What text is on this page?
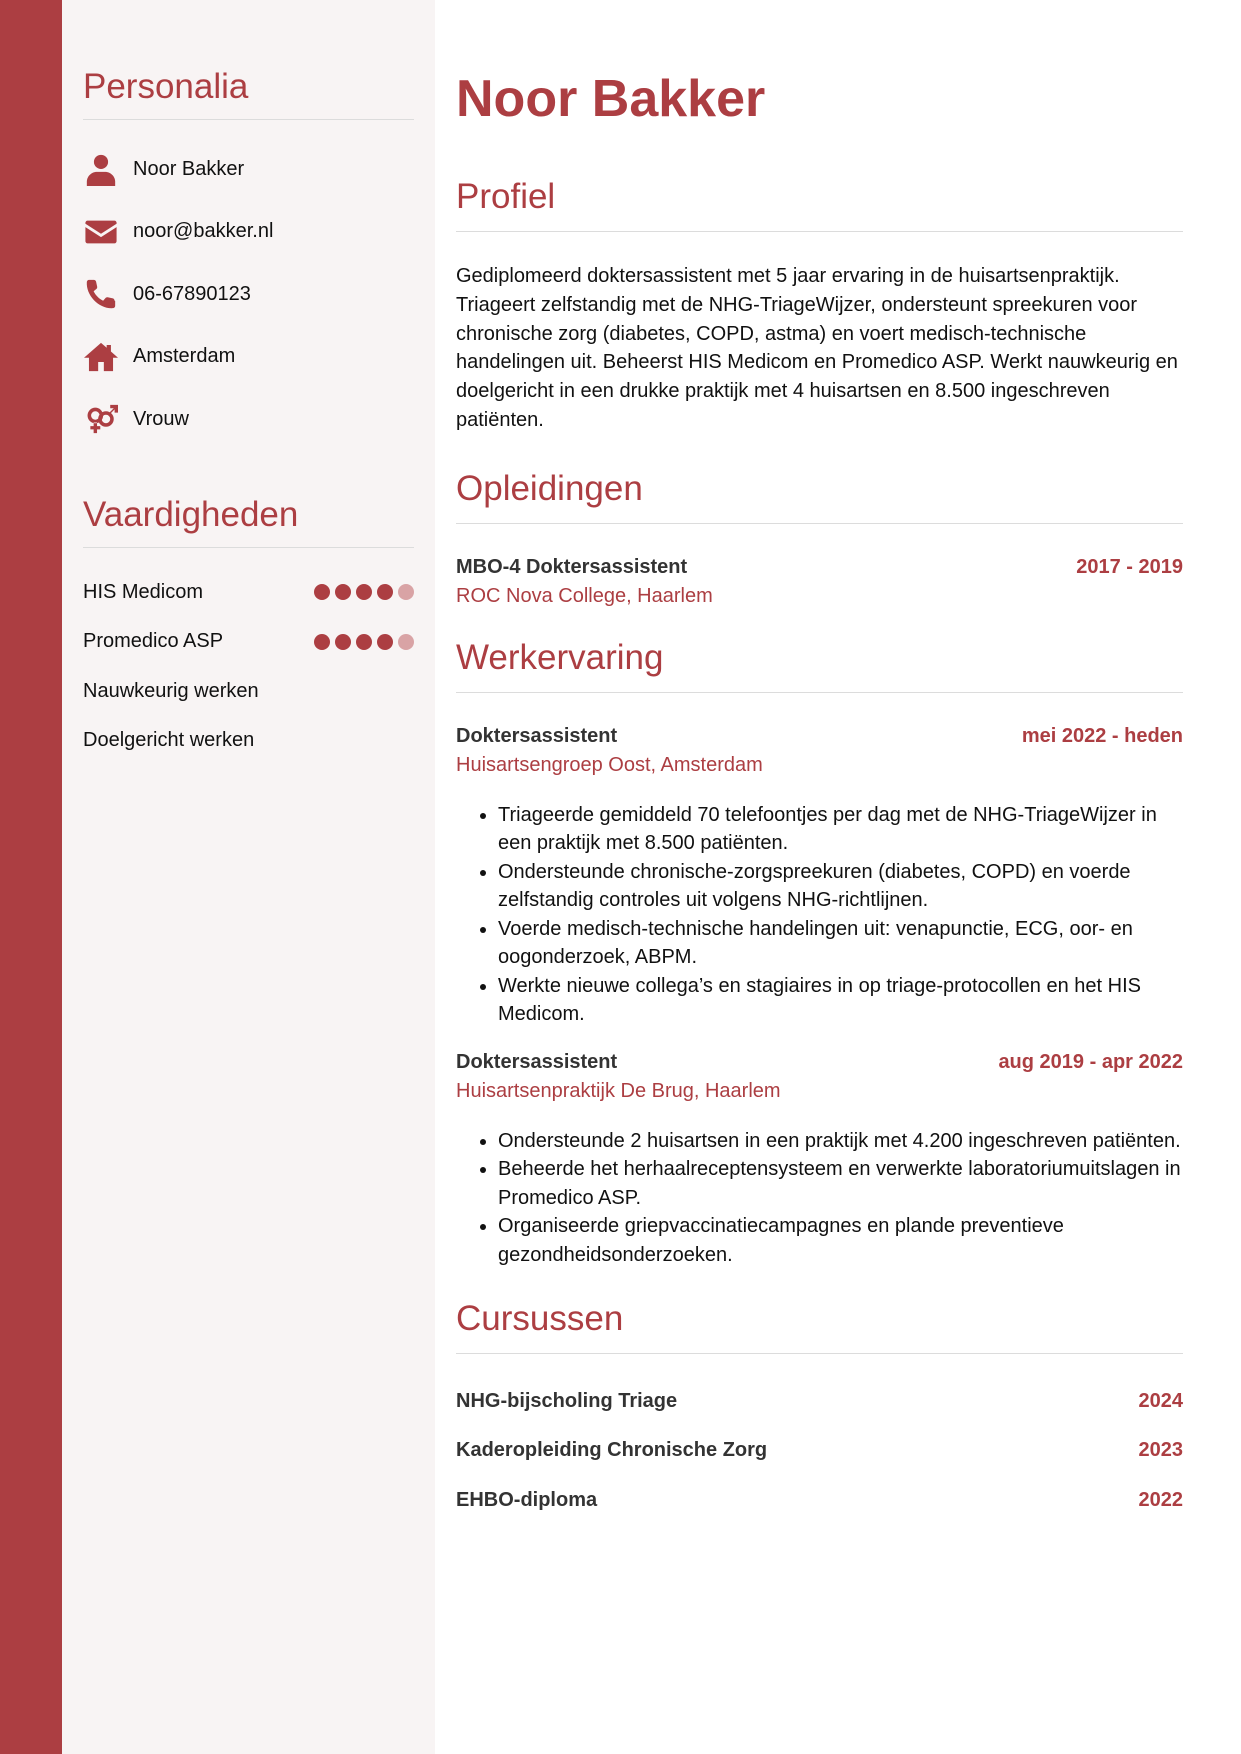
Personalia
Noor Bakker
noor@bakker.nl
06-67890123
Amsterdam
Vrouw
Vaardigheden
HIS Medicom
Promedico ASP
Nauwkeurig werken
Doelgericht werken
Noor Bakker
Profiel

Gediplomeerd doktersassistent met 5 jaar ervaring in de huisartsenpraktijk. Triageert zelfstandig met de NHG-TriageWijzer, ondersteunt spreekuren voor chronische zorg (diabetes, COPD, astma) en voert medisch-technische handelingen uit. Beheerst HIS Medicom en Promedico ASP. Werkt nauwkeurig en doelgericht in een drukke praktijk met 4 huisartsen en 8.500 ingeschreven patiënten.

Opleidingen
MBO-4 Doktersassistent	2017 - 2019
ROC Nova College, Haarlem
Werkervaring
Doktersassistent	mei 2022 - heden
Huisartsengroep Oost, Amsterdam
• Triageerde gemiddeld 70 telefoontjes per dag met de NHG-TriageWijzer in een praktijk met 8.500 patiënten.
• Ondersteunde chronische-zorgspreekuren (diabetes, COPD) en voerde zelfstandig controles uit volgens NHG-richtlijnen.
• Voerde medisch-technische handelingen uit: venapunctie, ECG, oor- en oogonderzoek, ABPM.
• Werkte nieuwe collega’s en stagiaires in op triage-protocollen en het HIS Medicom.
Doktersassistent	aug 2019 - apr 2022
Huisartsenpraktijk De Brug, Haarlem
• Ondersteunde 2 huisartsen in een praktijk met 4.200 ingeschreven patiënten.
• Beheerde het herhaalreceptensysteem en verwerkte laboratoriumuitslagen in Promedico ASP.
• Organiseerde griepvaccinatiecampagnes en plande preventieve gezondheidsonderzoeken.
Cursussen
NHG-bijscholing Triage	2024
Kaderopleiding Chronische Zorg	2023
EHBO-diploma	2022
